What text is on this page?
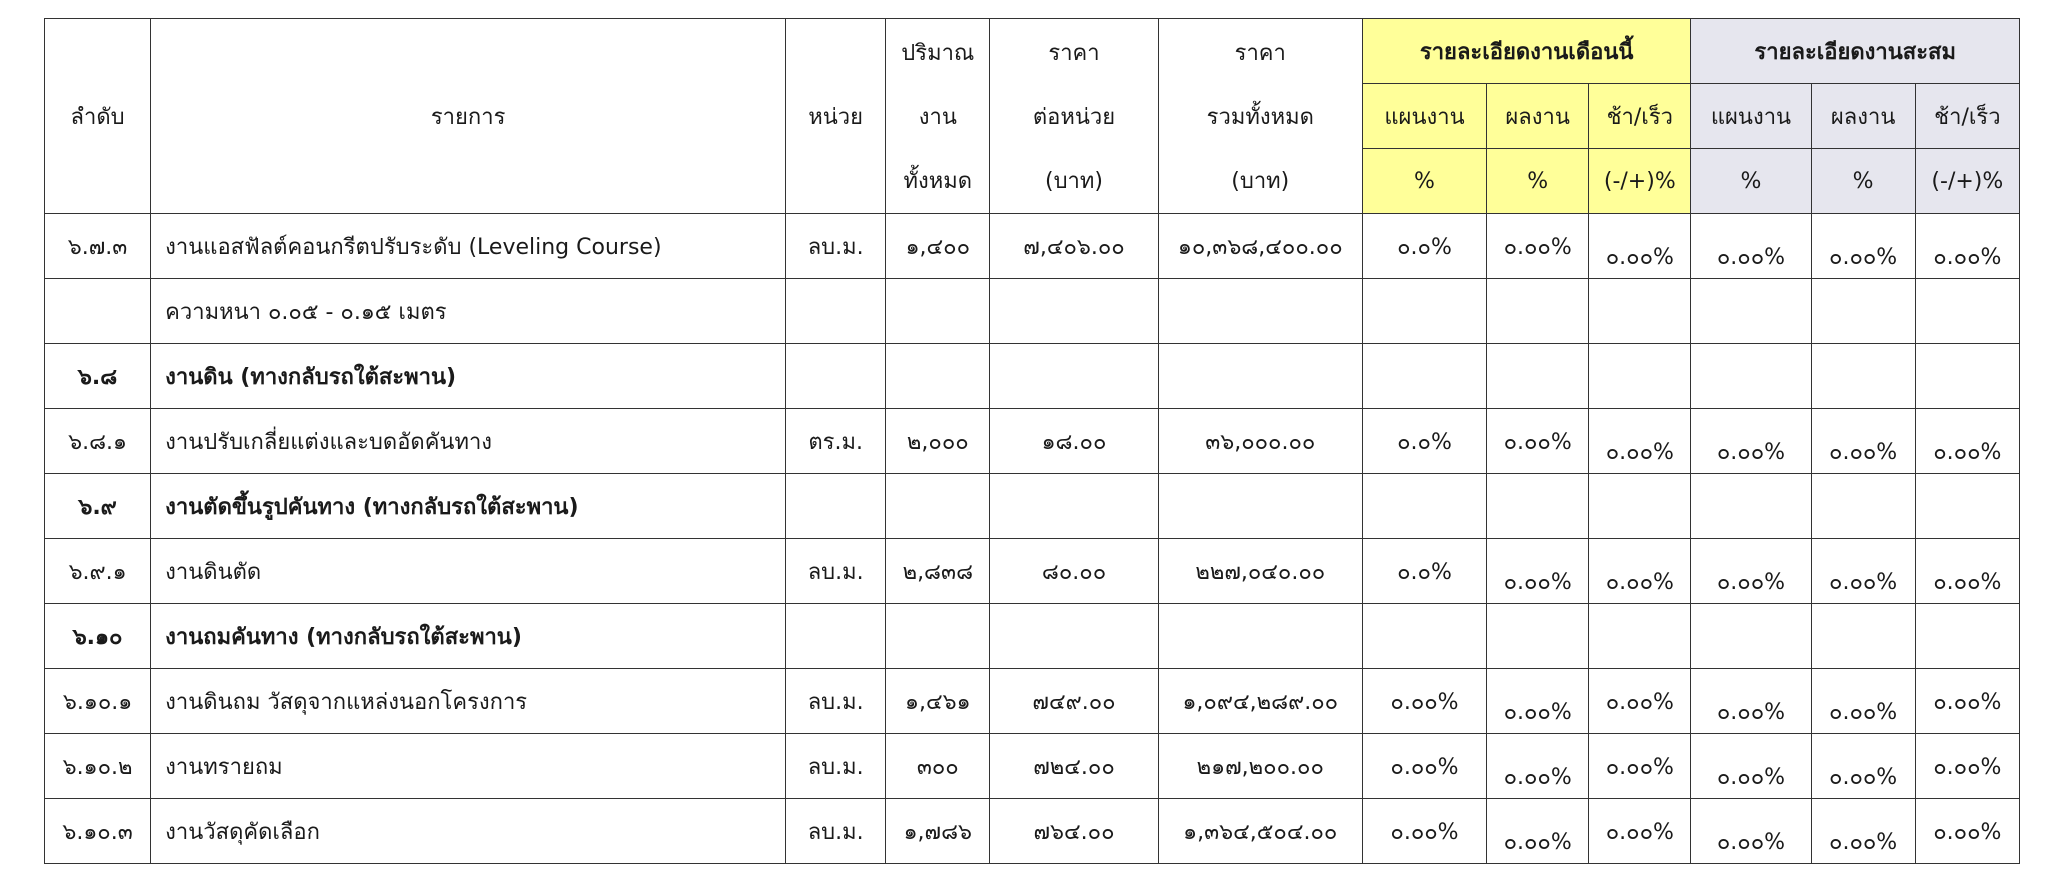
ลำดับ	รายการ	หน่วย	ปริมาณ
งาน
ทั้งหมด	ราคา
ต่อหน่วย
(บาท)	ราคา
รวมทั้งหมด
(บาท)	รายละเอียดงานเดือนนี้			รายละเอียดงานสะสม		
						แผนงาน	ผลงาน	ช้า/เร็ว	แผนงาน	ผลงาน	ช้า/เร็ว
						%	%	(-/+)%	%	%	(-/+)%
๖.๗.๓	งานแอสฟัลต์คอนกรีตปรับระดับ (Leveling Course)	ลบ.ม.	๑,๔๐๐	๗,๔๐๖.๐๐	๑๐,๓๖๘,๔๐๐.๐๐	๐.๐%	๐.๐๐%	๐.๐๐%	๐.๐๐%	๐.๐๐%	๐.๐๐%
	ความหนา ๐.๐๕ - ๐.๑๕ เมตร										
๖.๘	งานดิน (ทางกลับรถใต้สะพาน)										
๖.๘.๑	งานปรับเกลี่ยแต่งและบดอัดคันทาง	ตร.ม.	๒,๐๐๐	๑๘.๐๐	๓๖,๐๐๐.๐๐	๐.๐%	๐.๐๐%	๐.๐๐%	๐.๐๐%	๐.๐๐%	๐.๐๐%
๖.๙	งานตัดขึ้นรูปคันทาง (ทางกลับรถใต้สะพาน)										
๖.๙.๑	งานดินตัด	ลบ.ม.	๒,๘๓๘	๘๐.๐๐	๒๒๗,๐๔๐.๐๐	๐.๐%	๐.๐๐%	๐.๐๐%	๐.๐๐%	๐.๐๐%	๐.๐๐%
๖.๑๐	งานถมคันทาง (ทางกลับรถใต้สะพาน)										
๖.๑๐.๑	งานดินถม วัสดุจากแหล่งนอกโครงการ	ลบ.ม.	๑,๔๖๑	๗๔๙.๐๐	๑,๐๙๔,๒๘๙.๐๐	๐.๐๐%	๐.๐๐%	๐.๐๐%	๐.๐๐%	๐.๐๐%	๐.๐๐%
๖.๑๐.๒	งานทรายถม	ลบ.ม.	๓๐๐	๗๒๔.๐๐	๒๑๗,๒๐๐.๐๐	๐.๐๐%	๐.๐๐%	๐.๐๐%	๐.๐๐%	๐.๐๐%	๐.๐๐%
๖.๑๐.๓	งานวัสดุคัดเลือก	ลบ.ม.	๑,๗๘๖	๗๖๔.๐๐	๑,๓๖๔,๕๐๔.๐๐	๐.๐๐%	๐.๐๐%	๐.๐๐%	๐.๐๐%	๐.๐๐%	๐.๐๐%
